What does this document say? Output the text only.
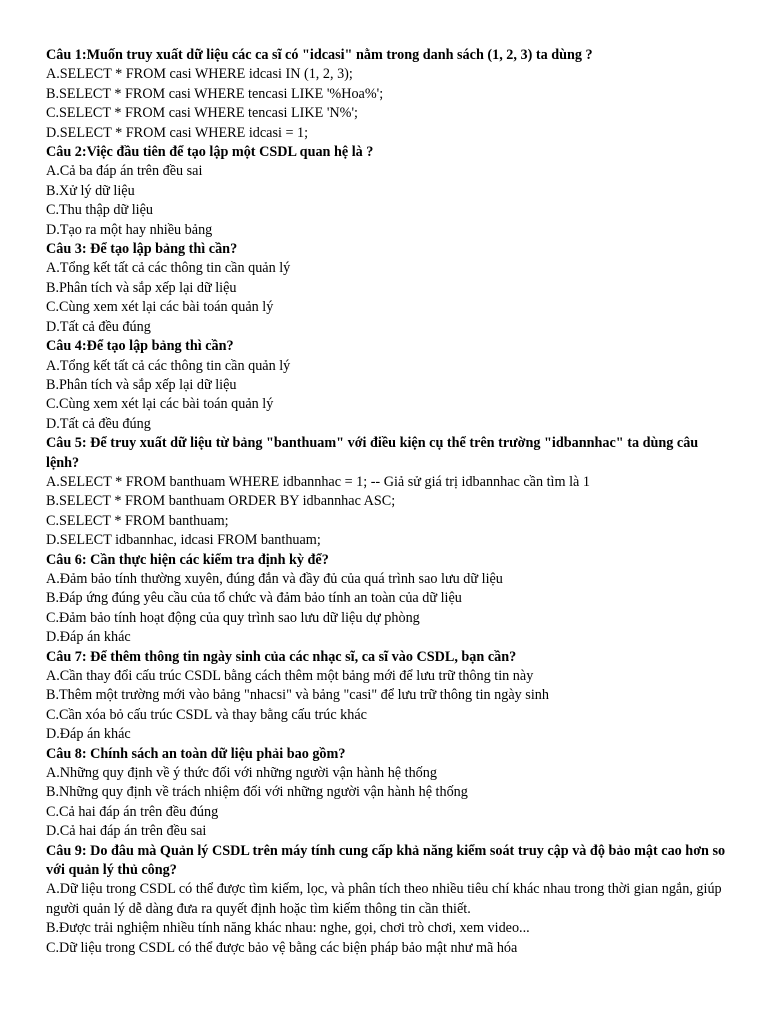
Câu 1:Muốn truy xuất dữ liệu các ca sĩ có "idcasi" nằm trong danh sách (1, 2, 3) ta dùng ?
A.SELECT * FROM casi WHERE idcasi IN (1, 2, 3);
B.SELECT * FROM casi WHERE tencasi LIKE '%Hoa%';
C.SELECT * FROM casi WHERE tencasi LIKE 'N%';
D.SELECT * FROM casi WHERE idcasi = 1;
Câu 2:Việc đầu tiên để tạo lập một CSDL quan hệ là ?
A.Cả ba đáp án trên đều sai
B.Xử lý dữ liệu
C.Thu thập dữ liệu
D.Tạo ra một hay nhiều bảng
Câu 3: Để tạo lập bảng thì cần?
A.Tổng kết tất cả các thông tin cần quản lý
B.Phân tích và sắp xếp lại dữ liệu
C.Cùng xem xét lại các bài toán quản lý
D.Tất cả đều đúng
Câu 4:Để tạo lập bảng thì cần?
A.Tổng kết tất cả các thông tin cần quản lý
B.Phân tích và sắp xếp lại dữ liệu
C.Cùng xem xét lại các bài toán quản lý
D.Tất cả đều đúng
Câu 5: Để truy xuất dữ liệu từ bảng "banthuam" với điều kiện cụ thể trên trường "idbannhac" ta dùng câu lệnh?
A.SELECT * FROM banthuam WHERE idbannhac = 1; -- Giả sử giá trị idbannhac cần tìm là 1
B.SELECT * FROM banthuam ORDER BY idbannhac ASC;
C.SELECT * FROM banthuam;
D.SELECT idbannhac, idcasi FROM banthuam;
Câu 6: Cần thực hiện các kiểm tra định kỳ để?
A.Đảm bảo tính thường xuyên, đúng đắn và đầy đủ của quá trình sao lưu dữ liệu
B.Đáp ứng đúng yêu cầu của tổ chức và đảm bảo tính an toàn của dữ liệu
C.Đảm bảo tính hoạt động của quy trình sao lưu dữ liệu dự phòng
D.Đáp án khác
Câu 7: Để thêm thông tin ngày sinh của các nhạc sĩ, ca sĩ vào CSDL, bạn cần?
A.Cần thay đổi cấu trúc CSDL bằng cách thêm một bảng mới để lưu trữ thông tin này
B.Thêm một trường mới vào bảng "nhacsi" và bảng "casi" để lưu trữ thông tin ngày sinh
C.Cần xóa bỏ cấu trúc CSDL và thay bằng cấu trúc khác
D.Đáp án khác
Câu 8: Chính sách an toàn dữ liệu phải bao gồm?
A.Những quy định về ý thức đối với những người vận hành hệ thống
B.Những quy định về trách nhiệm đối với những người vận hành hệ thống
C.Cả hai đáp án trên đều đúng
D.Cả hai đáp án trên đều sai
Câu 9: Do đâu mà Quản lý CSDL trên máy tính cung cấp khả năng kiểm soát truy cập và độ bảo mật cao hơn so với quản lý thủ công?
A.Dữ liệu trong CSDL có thể được tìm kiếm, lọc, và phân tích theo nhiều tiêu chí khác nhau trong thời gian ngắn, giúp người quản lý dễ dàng đưa ra quyết định hoặc tìm kiếm thông tin cần thiết.
B.Được trải nghiệm nhiều tính năng khác nhau: nghe, gọi, chơi trò chơi, xem video...
C.Dữ liệu trong CSDL có thể được bảo vệ bằng các biện pháp bảo mật như mã hóa
